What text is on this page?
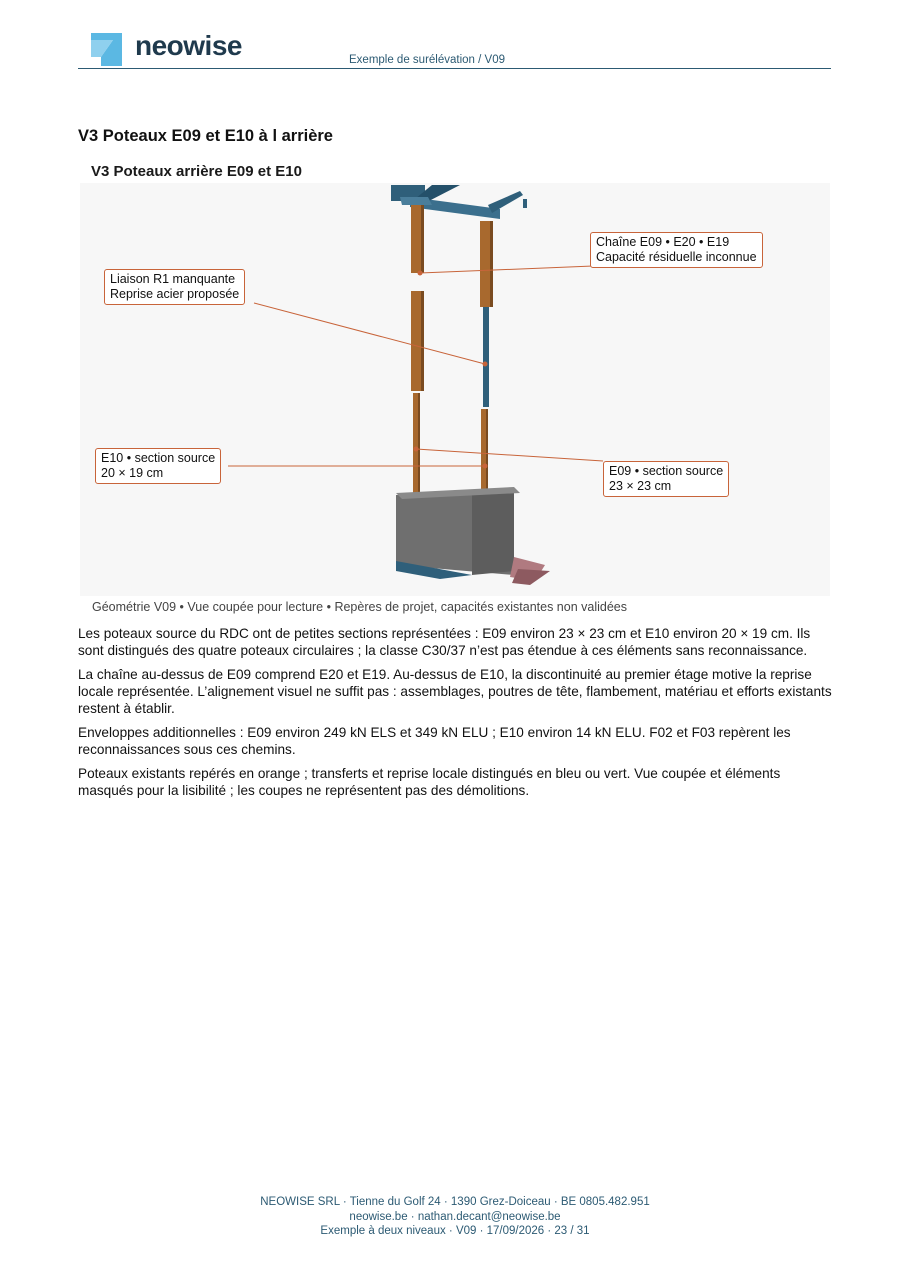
neowise	Exemple de surélévation / V09
V3 Poteaux E09 et E10 à l arrière
V3 Poteaux arrière E09 et E10
Liaison R1 manquante
Reprise acier proposée
Chaîne E09 • E20 • E19
Capacité résiduelle inconnue
E10 • section source
20 × 19 cm	E09 • section source
23 × 23 cm
Géométrie V09 • Vue coupée pour lecture • Repères de projet, capacités existantes non validées

Les poteaux source du RDC ont de petites sections représentées : E09 environ 23 × 23 cm et E10 environ 20 × 19 cm. Ils sont distingués des quatre poteaux circulaires ; la classe C30/37 n’est pas étendue à ces éléments sans reconnaissance.

La chaîne au-dessus de E09 comprend E20 et E19. Au-dessus de E10, la discontinuité au premier étage motive la reprise locale représentée. L’alignement visuel ne suffit pas : assemblages, poutres de tête, flambement, matériau et efforts existants restent à établir.

Enveloppes additionnelles : E09 environ 249 kN ELS et 349 kN ELU ; E10 environ 14 kN ELU. F02 et F03 repèrent les reconnaissances sous ces chemins.

Poteaux existants repérés en orange ; transferts et reprise locale distingués en bleu ou vert. Vue coupée et éléments masqués pour la lisibilité ; les coupes ne représentent pas des démolitions.

NEOWISE SRL · Tienne du Golf 24 · 1390 Grez-Doiceau · BE 0805.482.951
neowise.be · nathan.decant@neowise.be
Exemple à deux niveaux · V09 · 17/09/2026 · 23 / 31
